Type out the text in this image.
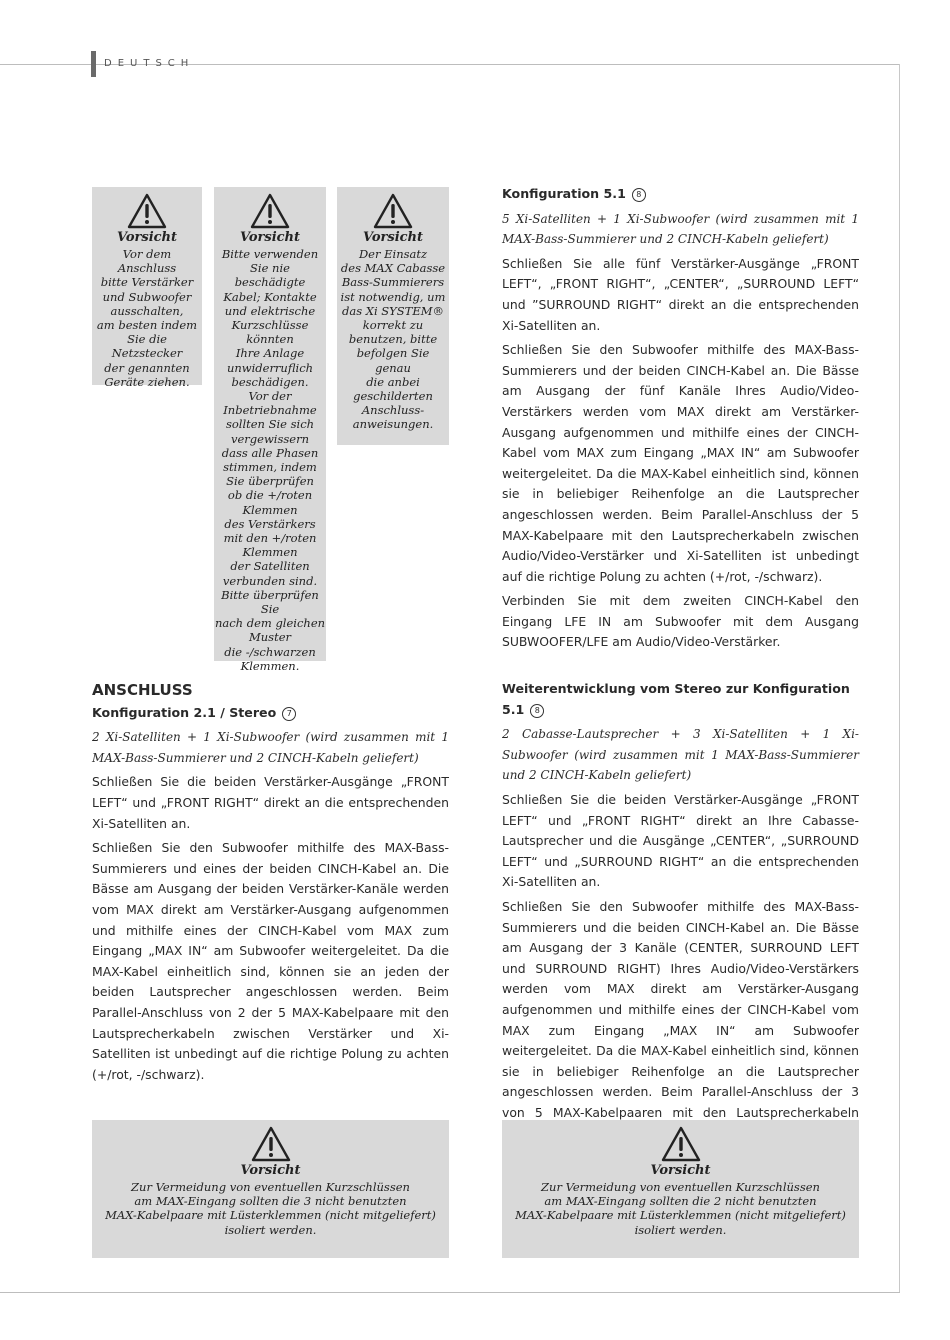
DEUTSCH
Vorsicht
Vor dem Anschluss
bitte Verstärker
und Subwoofer
ausschalten,
am besten indem
Sie die Netzstecker
der genannten
Geräte ziehen.
Vorsicht
Bitte verwenden
Sie nie beschädigte
Kabel; Kontakte
und elektrische
Kurzschlüsse
könnten
Ihre Anlage
unwiderruflich
beschädigen.
Vor der
Inbetriebnahme
sollten Sie sich
vergewissern
dass alle Phasen
stimmen, indem
Sie überprüfen
ob die +/roten
Klemmen
des Verstärkers
mit den +/roten
Klemmen
der Satelliten
verbunden sind.
Bitte überprüfen Sie
nach dem gleichen
Muster
die -/schwarzen
Klemmen.
Vorsicht
Der Einsatz
des MAX Cabasse
Bass-Summierers
ist notwendig, um
das Xi SYSTEM®
korrekt zu
benutzen, bitte
befolgen Sie genau
die anbei
geschilderten
Anschluss-
anweisungen.
ANSCHLUSS
Konfiguration 2.1 / Stereo 7

2 Xi-Satelliten + 1 Xi-Subwoofer (wird zusammen mit 1 MAX-Bass-Summierer und 2 CINCH-Kabeln geliefert)

Schließen Sie die beiden Verstärker-Ausgänge „FRONT LEFT“ und „FRONT RIGHT“ direkt an die entsprechenden Xi-Satelliten an.

Schließen Sie den Subwoofer mithilfe des MAX-Bass-Summierers und eines der beiden CINCH-Kabel an. Die Bässe am Ausgang der beiden Verstärker-Kanäle werden vom MAX direkt am Verstärker-Ausgang aufgenommen und mithilfe eines der CINCH-Kabel vom MAX zum Eingang „MAX IN“ am Subwoofer weitergeleitet. Da die MAX-Kabel einheitlich sind, können sie an jeden der beiden Lautsprecher angeschlossen werden. Beim Parallel-Anschluss von 2 der 5 MAX-Kabelpaare mit den Lautsprecherkabeln zwischen Verstärker und Xi-Satelliten ist unbedingt auf die richtige Polung zu achten (+/rot, -/schwarz).

Konfiguration 5.1 8

5 Xi-Satelliten + 1 Xi-Subwoofer (wird zusammen mit 1 MAX-Bass-Summierer und 2 CINCH-Kabeln geliefert)

Schließen Sie alle fünf Verstärker-Ausgänge „FRONT LEFT“, „FRONT RIGHT“, „CENTER“, „SURROUND LEFT“ und ”SURROUND RIGHT“ direkt an die entsprechenden Xi-Satelliten an.

Schließen Sie den Subwoofer mithilfe des MAX-Bass-Summierers und der beiden CINCH-Kabel an. Die Bässe am Ausgang der fünf Kanäle Ihres Audio/Video-Verstärkers werden vom MAX direkt am Verstärker-Ausgang aufgenommen und mithilfe eines der CINCH-Kabel vom MAX zum Eingang „MAX IN“ am Subwoofer weitergeleitet. Da die MAX-Kabel einheitlich sind, können sie in beliebiger Reihenfolge an die Lautsprecher angeschlossen werden. Beim Parallel-Anschluss der 5 MAX-Kabelpaare mit den Lautsprecherkabeln zwischen Audio/Video-Verstärker und Xi-Satelliten ist unbedingt auf die richtige Polung zu achten (+/rot, -/schwarz).

Verbinden Sie mit dem zweiten CINCH-Kabel den Eingang LFE IN am Subwoofer mit dem Ausgang SUBWOOFER/LFE am Audio/Video-Verstärker.

Weiterentwicklung vom Stereo zur Konfiguration 5.1 8

2 Cabasse-Lautsprecher + 3 Xi-Satelliten + 1 Xi-Subwoofer (wird zusammen mit 1 MAX-Bass-Summierer und 2 CINCH-Kabeln geliefert)

Schließen Sie die beiden Verstärker-Ausgänge „FRONT LEFT“ und „FRONT RIGHT“ direkt an Ihre Cabasse-Lautsprecher und die Ausgänge „CENTER“, „SURROUND LEFT“ und „SURROUND RIGHT“ an die entsprechenden Xi-Satelliten an.

Schließen Sie den Subwoofer mithilfe des MAX-Bass-Summierers und die beiden CINCH-Kabel an. Die Bässe am Ausgang der 3 Kanäle (CENTER, SURROUND LEFT und SURROUND RIGHT) Ihres Audio/Video-Verstärkers werden vom MAX direkt am Verstärker-Ausgang aufgenommen und mithilfe eines der CINCH-Kabel vom MAX zum Eingang „MAX IN“ am Subwoofer weitergeleitet. Da die MAX-Kabel einheitlich sind, können sie in beliebiger Reihenfolge an die Lautsprecher angeschlossen werden. Beim Parallel-Anschluss der 3 von 5 MAX-Kabelpaaren mit den Lautsprecherkabeln

Vorsicht
Zur Vermeidung von eventuellen Kurzschlüssen
am MAX-Eingang sollten die 3 nicht benutzten
MAX-Kabelpaare mit Lüsterklemmen (nicht mitgeliefert)
isoliert werden.
Vorsicht
Zur Vermeidung von eventuellen Kurzschlüssen
am MAX-Eingang sollten die 2 nicht benutzten
MAX-Kabelpaare mit Lüsterklemmen (nicht mitgeliefert)
isoliert werden.
